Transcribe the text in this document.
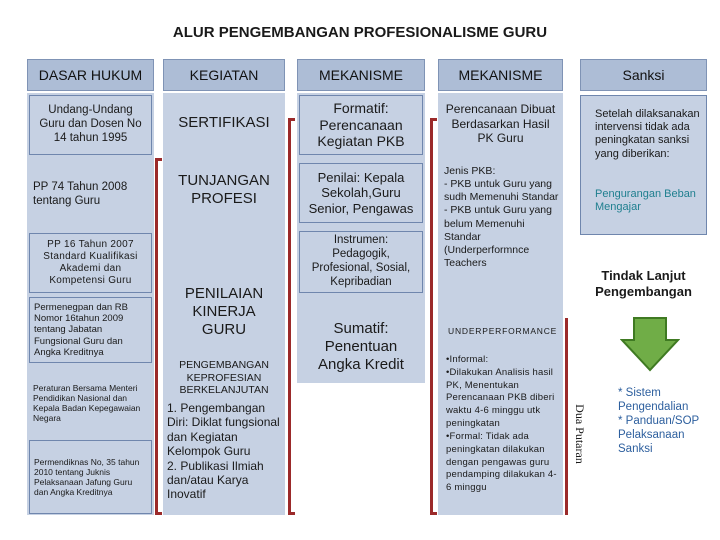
ALUR PENGEMBANGAN PROFESIONALISME GURU
DASAR HUKUM	KEGIATAN	MEKANISME	MEKANISME	Sanksi
Undang-Undang Guru dan Dosen No 14 tahun 1995
PP 74 Tahun 2008 tentang Guru
PP 16 Tahun 2007 Standard Kualifikasi Akademi dan Kompetensi Guru
Permenegpan dan RB Nomor 16tahun 2009 tentang Jabatan Fungsional Guru dan Angka Kreditnya
Peraturan Bersama Menteri Pendidikan Nasional dan Kepala Badan Kepegawaian Negara
Permendiknas No, 35 tahun 2010 tentang Juknis Pelaksanaan Jafung Guru dan Angka Kreditnya
SERTIFIKASI
TUNJANGAN PROFESI
PENILAIAN KINERJA GURU
PENGEMBANGAN KEPROFESIAN BERKELANJUTAN
1. Pengembangan Diri: Diklat fungsional dan Kegiatan Kelompok Guru
2. Publikasi Ilmiah dan/atau Karya Inovatif
Formatif: Perencanaan Kegiatan PKB
Penilai: Kepala Sekolah,Guru Senior, Pengawas
Instrumen: Pedagogik, Profesional, Sosial, Kepribadian
Sumatif: Penentuan Angka Kredit
Perencanaan Dibuat Berdasarkan Hasil PK Guru
Jenis PKB:
- PKB untuk Guru yang sudh Memenuhi Standar
- PKB untuk Guru yang belum Memenuhi Standar (Underperformnce Teachers
UNDERPERFORMANCE
•Informal:
•Dilakukan Analisis hasil PK, Menentukan Perencanaan PKB diberi waktu 4-6 minggu utk peningkatan
•Formal: Tidak ada peningkatan dilakukan dengan pengawas guru pendamping dilakukan 4- 6 minggu
Dua Putaran
Setelah dilaksanakan intervensi tidak ada peningkatan sanksi yang diberikan:
Pengurangan Beban Mengajar
Tindak Lanjut Pengembangan
* Sistem Pengendalian
* Panduan/SOP Pelaksanaan Sanksi
